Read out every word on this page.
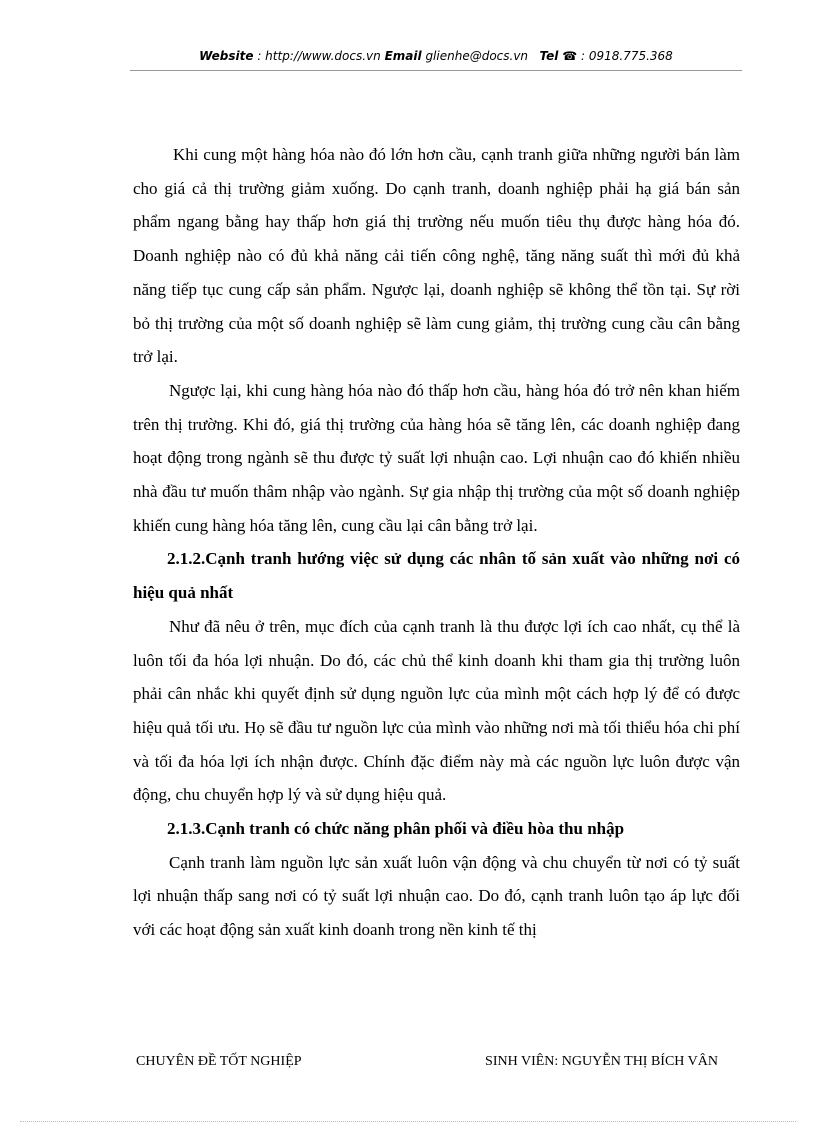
Website : http://www.docs.vn Email glienhe@docs.vn Tel ☎ : 0918.775.368

Khi cung một hàng hóa nào đó lớn hơn cầu, cạnh tranh giữa những người bán làm cho giá cả thị trường giảm xuống. Do cạnh tranh, doanh nghiệp phải hạ giá bán sản phẩm ngang bằng hay thấp hơn giá thị trường nếu muốn tiêu thụ được hàng hóa đó. Doanh nghiệp nào có đủ khả năng cải tiến công nghệ, tăng năng suất thì mới đủ khả năng tiếp tục cung cấp sản phẩm. Ngược lại, doanh nghiệp sẽ không thể tồn tại. Sự rời bỏ thị trường của một số doanh nghiệp sẽ làm cung giảm, thị trường cung cầu cân bằng trở lại.

Ngược lại, khi cung hàng hóa nào đó thấp hơn cầu, hàng hóa đó trở nên khan hiếm trên thị trường. Khi đó, giá thị trường của hàng hóa sẽ tăng lên, các doanh nghiệp đang hoạt động trong ngành sẽ thu được tỷ suất lợi nhuận cao. Lợi nhuận cao đó khiến nhiều nhà đầu tư muốn thâm nhập vào ngành. Sự gia nhập thị trường của một số doanh nghiệp khiến cung hàng hóa tăng lên, cung cầu lại cân bằng trở lại.

2.1.2.Cạnh tranh hướng việc sử dụng các nhân tố sản xuất vào những nơi có hiệu quả nhất

Như đã nêu ở trên, mục đích của cạnh tranh là thu được lợi ích cao nhất, cụ thể là luôn tối đa hóa lợi nhuận. Do đó, các chủ thể kinh doanh khi tham gia thị trường luôn phải cân nhắc khi quyết định sử dụng nguồn lực của mình một cách hợp lý để có được hiệu quả tối ưu. Họ sẽ đầu tư nguồn lực của mình vào những nơi mà tối thiểu hóa chi phí và tối đa hóa lợi ích nhận được. Chính đặc điểm này mà các nguồn lực luôn được vận động, chu chuyển hợp lý và sử dụng hiệu quả.

2.1.3.Cạnh tranh có chức năng phân phối và điều hòa thu nhập

Cạnh tranh làm nguồn lực sản xuất luôn vận động và chu chuyển từ nơi có tỷ suất lợi nhuận thấp sang nơi có tỷ suất lợi nhuận cao. Do đó, cạnh tranh luôn tạo áp lực đối với các hoạt động sản xuất kinh doanh trong nền kinh tế thị

CHUYÊN ĐỀ TỐT NGHIỆP	SINH VIÊN: NGUYỄN THỊ BÍCH VÂN
